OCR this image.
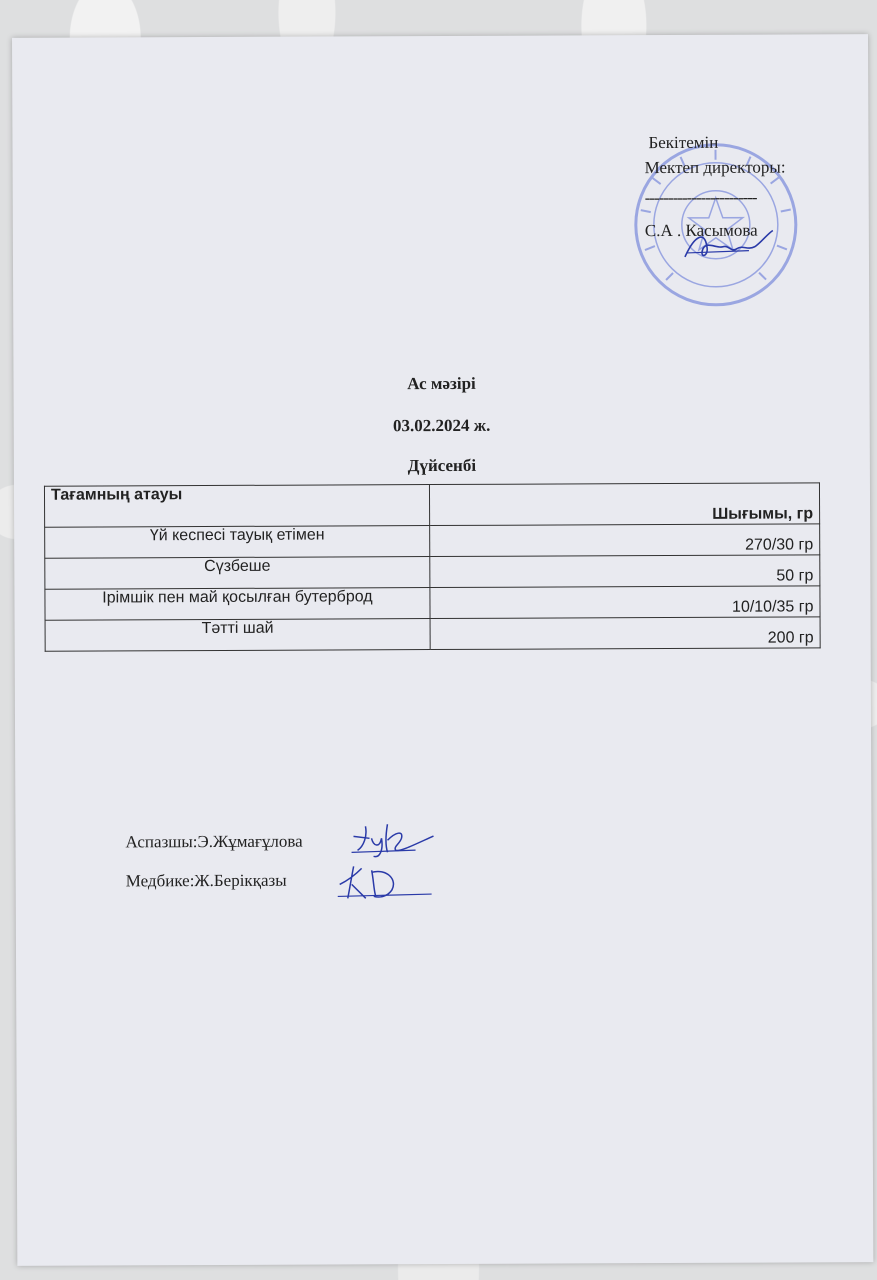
Бекітемін
Мектеп директоры:
------------------------
С.А . Касымова
Ас мәзірі
03.02.2024 ж.
Дүйсенбі
Тағамның атауы	Шығымы, гр
Үй кеспесі тауық етімен	270/30 гр
Сүзбеше	50 гр
Ірімшік пен май қосылған бутерброд	10/10/35 гр
Тәтті шай	200 гр
Аспазшы:Э.Жұмағұлова
Медбике:Ж.Берікқазы
